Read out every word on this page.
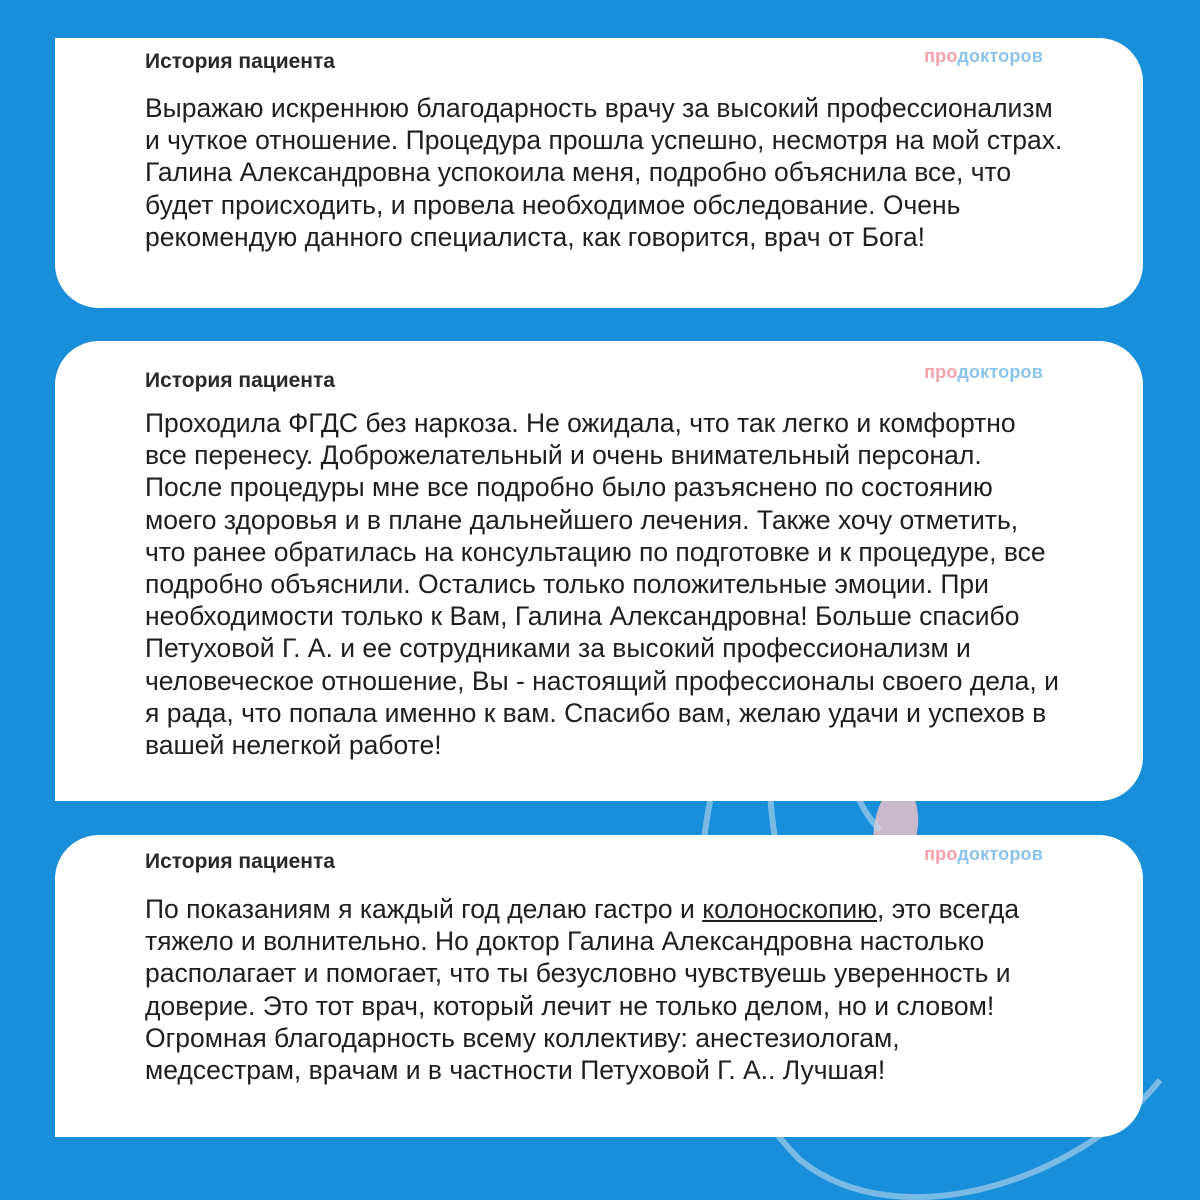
История пациента	продокторов

Выражаю искреннюю благодарность врачу за высокий профессионализм и чуткое отношение. Процедура прошла успешно, несмотря на мой страх. Галина Александровна успокоила меня, подробно объяснила все, что будет происходить, и провела необходимое обследование. Очень рекомендую данного специалиста, как говорится, врач от Бога!

История пациента	продокторов

Проходила ФГДС без наркоза. Не ожидала, что так легко и комфортно все перенесу. Доброжелательный и очень внимательный персонал. После процедуры мне все подробно было разъяснено по состоянию моего здоровья и в плане дальнейшего лечения. Также хочу отметить, что ранее обратилась на консультацию по подготовке и к процедуре, все подробно объяснили. Остались только положительные эмоции. При необходимости только к Вам, Галина Александровна! Больше спасибо Петуховой Г. А. и ее сотрудниками за высокий профессионализм и человеческое отношение, Вы - настоящий профессионалы своего дела, и я рада, что попала именно к вам. Спасибо вам, желаю удачи и успехов в вашей нелегкой работе!

История пациента	продокторов

По показаниям я каждый год делаю гастро и колоноскопию, это всегда тяжело и волнительно. Но доктор Галина Александровна настолько располагает и помогает, что ты безусловно чувствуешь уверенность и доверие. Это тот врач, который лечит не только делом, но и словом! Огромная благодарность всему коллективу: анестезиологам, медсестрам, врачам и в частности Петуховой Г. А.. Лучшая!
